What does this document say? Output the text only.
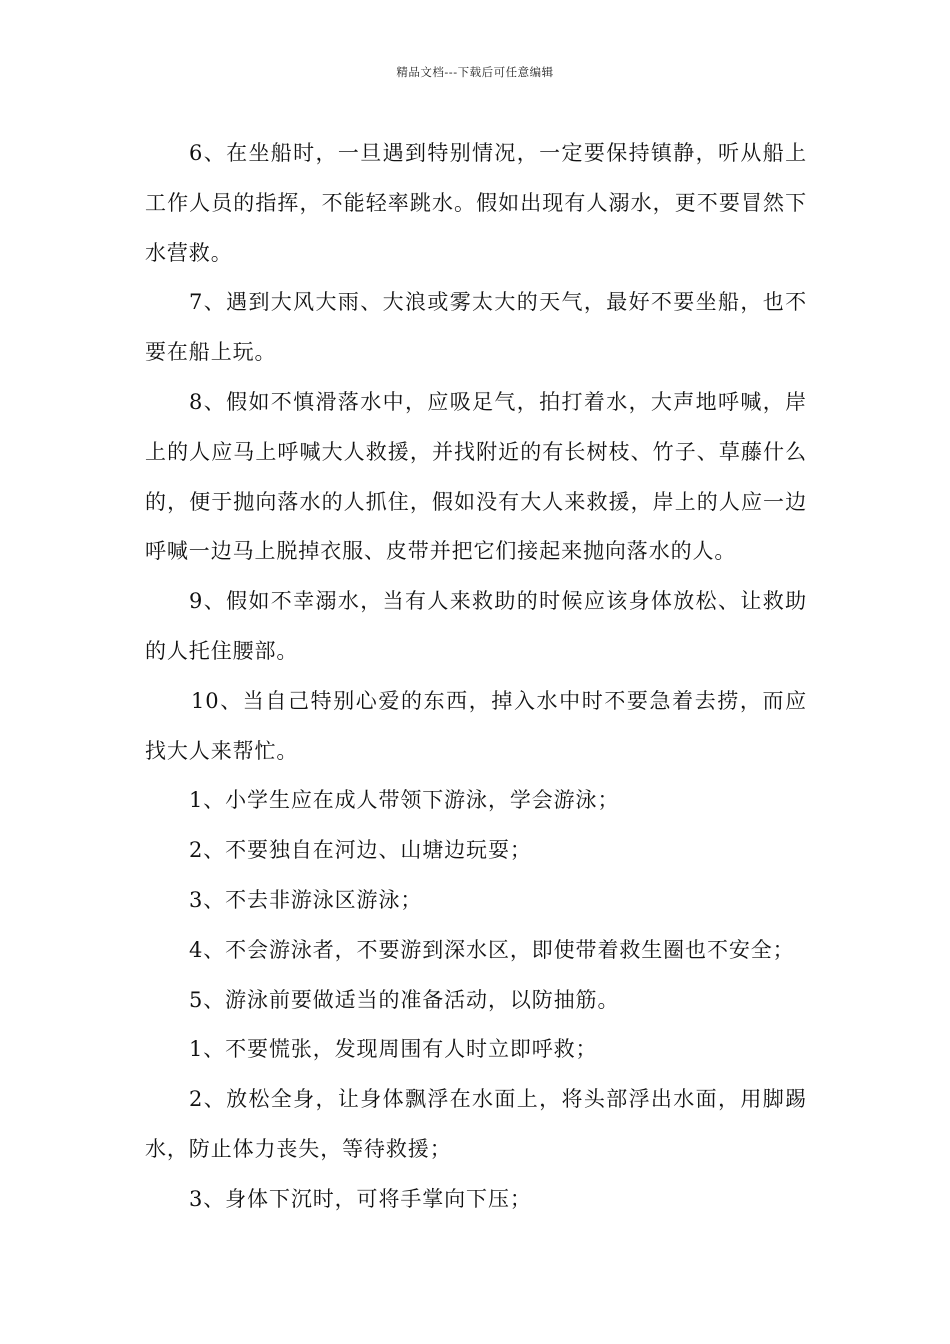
精品文档---下载后可任意编辑

6、在坐船时，一旦遇到特别情况，一定要保持镇静，听从船上工作人员的指挥，不能轻率跳水。假如出现有人溺水，更不要冒然下水营救。

7、遇到大风大雨、大浪或雾太大的天气，最好不要坐船，也不要在船上玩。

8、假如不慎滑落水中，应吸足气，拍打着水，大声地呼喊，岸上的人应马上呼喊大人救援，并找附近的有长树枝、竹子、草藤什么的，便于抛向落水的人抓住，假如没有大人来救援，岸上的人应一边呼喊一边马上脱掉衣服、皮带并把它们接起来抛向落水的人。

9、假如不幸溺水，当有人来救助的时候应该身体放松、让救助的人托住腰部。

10、当自己特别心爱的东西，掉入水中时不要急着去捞，而应找大人来帮忙。

1、小学生应在成人带领下游泳，学会游泳；

2、不要独自在河边、山塘边玩耍；

3、不去非游泳区游泳；

4、不会游泳者，不要游到深水区，即使带着救生圈也不安全；

5、游泳前要做适当的准备活动，以防抽筋。

1、不要慌张，发现周围有人时立即呼救；

2、放松全身，让身体飘浮在水面上，将头部浮出水面，用脚踢水，防止体力丧失，等待救援；

3、身体下沉时，可将手掌向下压；
